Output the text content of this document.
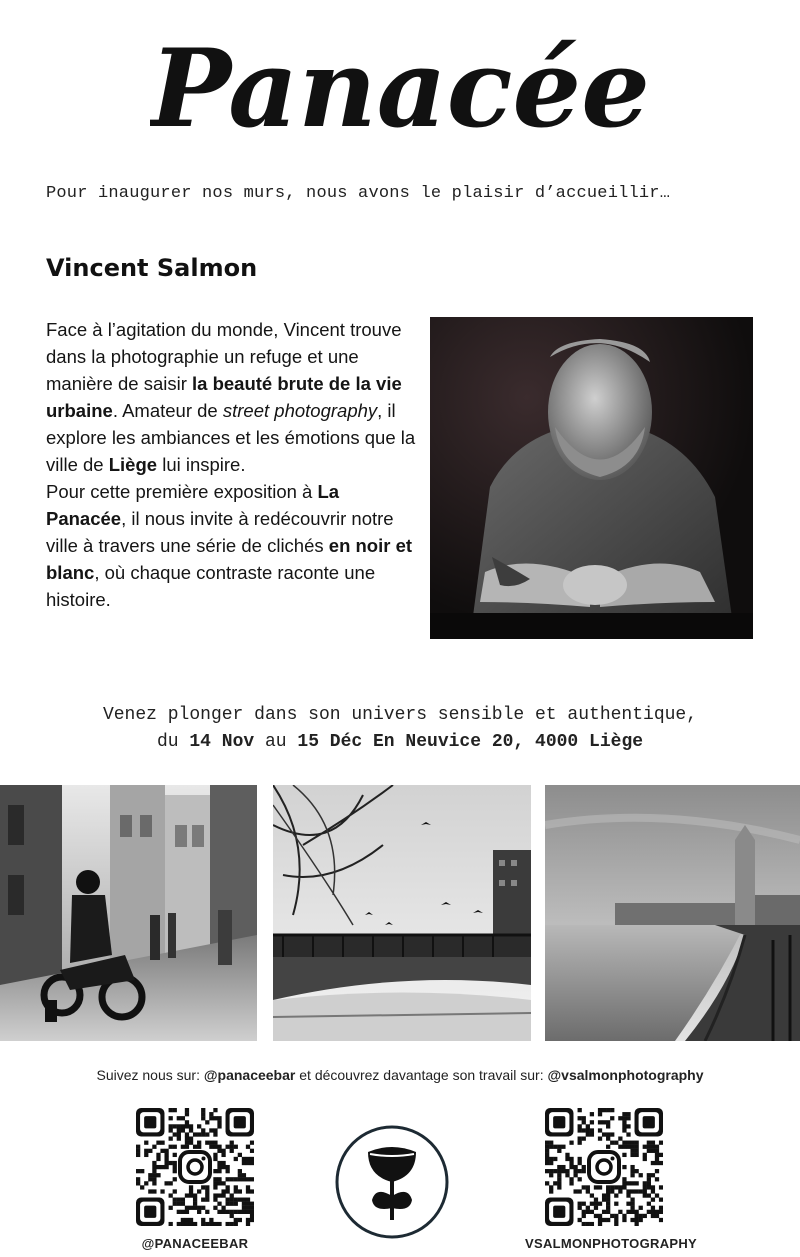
Panacée
Pour inaugurer nos murs, nous avons le plaisir d’accueillir…
Vincent Salmon
Face à l’agitation du monde, Vincent trouve dans la photographie un refuge et une manière de saisir la beauté brute de la vie urbaine. Amateur de street photography, il explore les ambiances et les émotions que la ville de Liège lui inspire.
Pour cette première exposition à La Panacée, il nous invite à redécouvrir notre ville à travers une série de clichés en noir et blanc, où chaque contraste raconte une histoire.
Venez plonger dans son univers sensible et authentique,
du 14 Nov au 15 Déc En Neuvice 20, 4000 Liège
Suivez nous sur: @panaceebar et découvrez davantage son travail sur: @vsalmonphotography
@PANACEEBAR	VSALMONPHOTOGRAPHY
